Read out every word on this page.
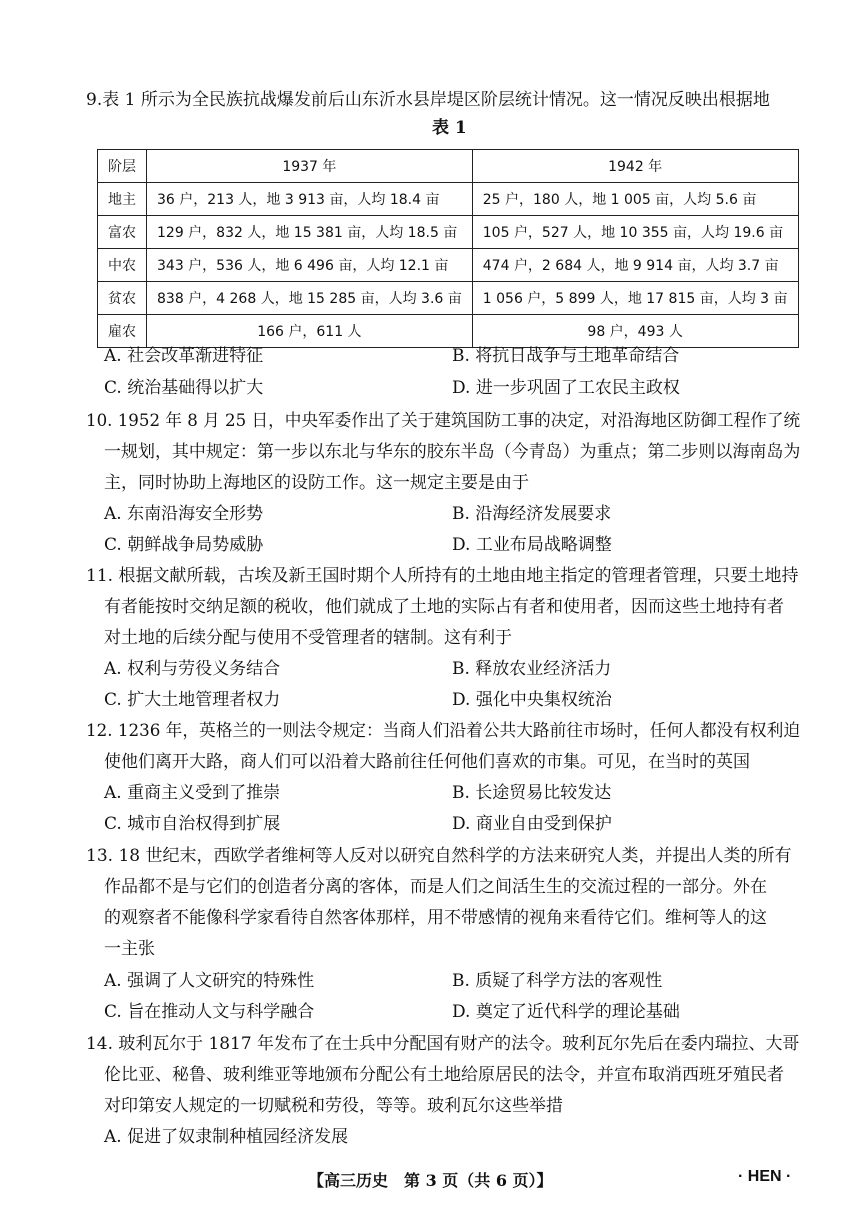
9.表 1 所示为全民族抗战爆发前后山东沂水县岸堤区阶层统计情况。这一情况反映出根据地
表 1
阶层	1937 年	1942 年
地主	36 户，213 人，地 3 913 亩，人均 18.4 亩	25 户，180 人，地 1 005 亩，人均 5.6 亩
富农	129 户，832 人，地 15 381 亩，人均 18.5 亩	105 户，527 人，地 10 355 亩，人均 19.6 亩
中农	343 户，536 人，地 6 496 亩，人均 12.1 亩	474 户，2 684 人，地 9 914 亩，人均 3.7 亩
贫农	838 户，4 268 人，地 15 285 亩，人均 3.6 亩	1 056 户，5 899 人，地 17 815 亩，人均 3 亩
雇农	166 户，611 人	98 户，493 人
A. 社会改革渐进特征	B. 将抗日战争与土地革命结合
C. 统治基础得以扩大	D. 进一步巩固了工农民主政权
10. 1952 年 8 月 25 日，中央军委作出了关于建筑国防工事的决定，对沿海地区防御工程作了统
一规划，其中规定：第一步以东北与华东的胶东半岛（今青岛）为重点；第二步则以海南岛为
主，同时协助上海地区的设防工作。这一规定主要是由于
A. 东南沿海安全形势	B. 沿海经济发展要求
C. 朝鲜战争局势威胁	D. 工业布局战略调整
11. 根据文献所载，古埃及新王国时期个人所持有的土地由地主指定的管理者管理，只要土地持
有者能按时交纳足额的税收，他们就成了土地的实际占有者和使用者，因而这些土地持有者
对土地的后续分配与使用不受管理者的辖制。这有利于
A. 权利与劳役义务结合	B. 释放农业经济活力
C. 扩大土地管理者权力	D. 强化中央集权统治
12. 1236 年，英格兰的一则法令规定：当商人们沿着公共大路前往市场时，任何人都没有权利迫
使他们离开大路，商人们可以沿着大路前往任何他们喜欢的市集。可见，在当时的英国
A. 重商主义受到了推崇	B. 长途贸易比较发达
C. 城市自治权得到扩展	D. 商业自由受到保护
13. 18 世纪末，西欧学者维柯等人反对以研究自然科学的方法来研究人类，并提出人类的所有
作品都不是与它们的创造者分离的客体，而是人们之间活生生的交流过程的一部分。外在
的观察者不能像科学家看待自然客体那样，用不带感情的视角来看待它们。维柯等人的这
一主张
A. 强调了人文研究的特殊性	B. 质疑了科学方法的客观性
C. 旨在推动人文与科学融合	D. 奠定了近代科学的理论基础
14. 玻利瓦尔于 1817 年发布了在士兵中分配国有财产的法令。玻利瓦尔先后在委内瑞拉、大哥
伦比亚、秘鲁、玻利维亚等地颁布分配公有土地给原居民的法令，并宣布取消西班牙殖民者
对印第安人规定的一切赋税和劳役，等等。玻利瓦尔这些举措
A. 促进了奴隶制种植园经济发展
【高三历史　第 3 页（共 6 页）】	· HEN ·
